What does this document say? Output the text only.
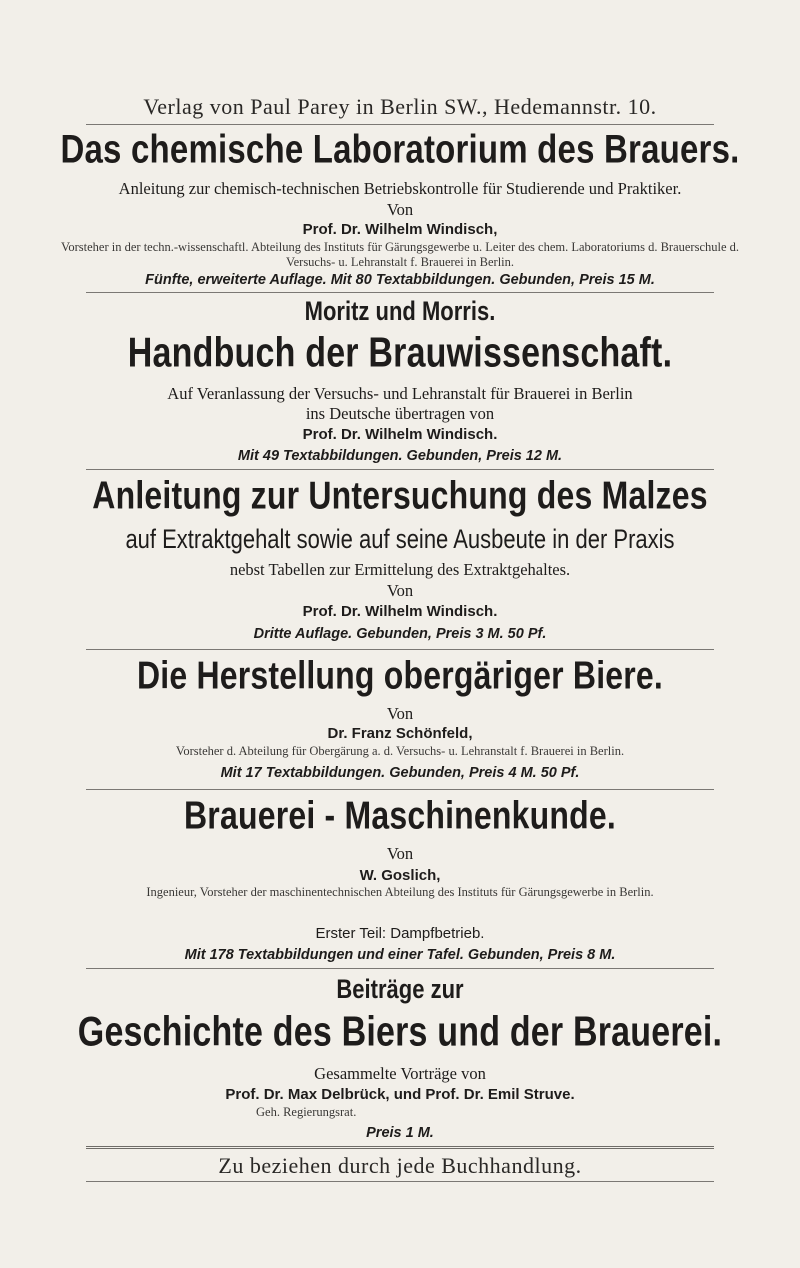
Verlag von Paul Parey in Berlin SW., Hedemannstr. 10.
Das chemische Laboratorium des Brauers.
Anleitung zur chemisch-technischen Betriebskontrolle für Studierende und Praktiker.
Von
Prof. Dr. Wilhelm Windisch,
Vorsteher in der techn.-wissenschaftl. Abteilung des Instituts für Gärungsgewerbe u. Leiter des chem. Laboratoriums d. Brauerschule d. Versuchs- u. Lehranstalt f. Brauerei in Berlin.
Fünfte, erweiterte Auflage. Mit 80 Textabbildungen. Gebunden, Preis 15 M.
Moritz und Morris.
Handbuch der Brauwissenschaft.
Auf Veranlassung der Versuchs- und Lehranstalt für Brauerei in Berlin
ins Deutsche übertragen von
Prof. Dr. Wilhelm Windisch.
Mit 49 Textabbildungen. Gebunden, Preis 12 M.
Anleitung zur Untersuchung des Malzes
auf Extraktgehalt sowie auf seine Ausbeute in der Praxis
nebst Tabellen zur Ermittelung des Extraktgehaltes.
Von
Prof. Dr. Wilhelm Windisch.
Dritte Auflage. Gebunden, Preis 3 M. 50 Pf.
Die Herstellung obergäriger Biere.
Von
Dr. Franz Schönfeld,
Vorsteher d. Abteilung für Obergärung a. d. Versuchs- u. Lehranstalt f. Brauerei in Berlin.
Mit 17 Textabbildungen. Gebunden, Preis 4 M. 50 Pf.
Brauerei - Maschinenkunde.
Von
W. Goslich,
Ingenieur, Vorsteher der maschinentechnischen Abteilung des Instituts für Gärungsgewerbe in Berlin.
Erster Teil: Dampfbetrieb.
Mit 178 Textabbildungen und einer Tafel. Gebunden, Preis 8 M.
Beiträge zur
Geschichte des Biers und der Brauerei.
Gesammelte Vorträge von
Prof. Dr. Max Delbrück, und Prof. Dr. Emil Struve.
Geh. Regierungsrat.
Preis 1 M.
Zu beziehen durch jede Buchhandlung.
